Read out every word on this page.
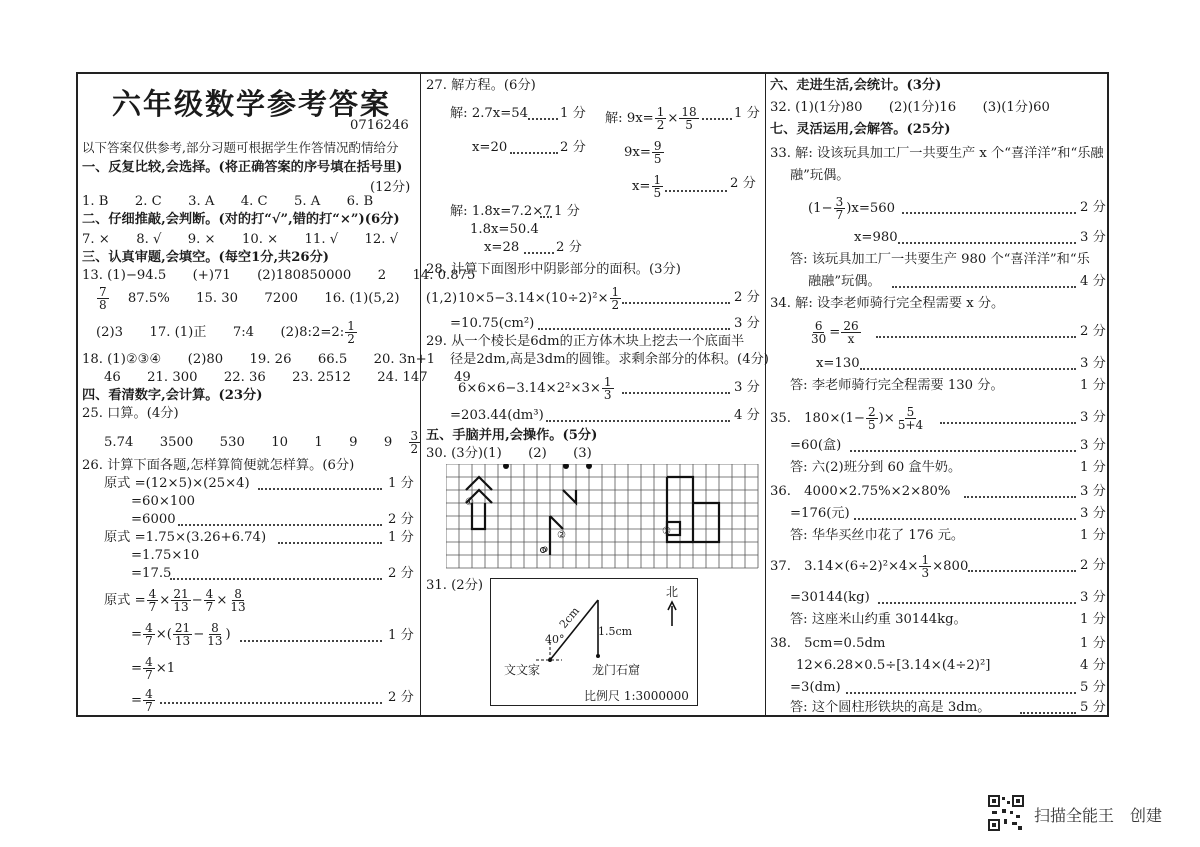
六年级数学参考答案
0716246
以下答案仅供参考,部分习题可根据学生作答情况酌情给分
一、反复比较,会选择。(将正确答案的序号填在括号里)
(12分)
1. B　　2. C　　3. A　　4. C　　5. A　　6. B
二、仔细推敲,会判断。(对的打“√”,错的打“×”)(6分)
7. ×　　8. √　　9. ×　　10. ×　　11. √　　12. √
三、认真审题,会填空。(每空1分,共26分)
13. (1)−94.5　　(+)71　　(2)180850000　　2　　14. 0.875
$\frac{7}{8} 87.5\%$　　15. 30　　7200　　16. (1)(5,2)　　(1,2)
(2)3　　17. (1)正　　7:4　　(2)8:2=2: $\frac{1}{2}$
18. (1)②③④　　(2)80　　19. 26　　66.5　　20. 3n+1
46　　21. 300　　22. 36　　23. 2512　　24. 147　　49
四、看清数字,会计算。(23分)
25. 口算。(4分)
5.74　　3500　　530　　10　　1　　9　　$9 \frac{3}{2}$
26. 计算下面各题,怎样算简便就怎样算。(6分)
原式 =(12×5)×(25×4)	1 分
=60×100
=6000	2 分
原式 =1.75×(3.26+6.74)	1 分
=1.75×10
=17.5	2 分
原式 = $\frac{4}{7} \times \frac{21}{13} - \frac{4}{7} \times \frac{8}{13}$
= $\frac{4}{7}$ ×( $\frac{21}{13} - \frac{8}{13}$ )	1 分
= $\frac{4}{7} \times 1$
= $\frac{4}{7}$	2 分
27. 解方程。(6分)
解: 2.7x=54 1 分
x=20	2 分
解: $9x= \frac{1}{2} \times \frac{18}{5}$	1 分
$9x= \frac{9}{5}$
$x= \frac{1}{5}$	2 分
解: 1.8x=7.2×7 1 分
1.8x=50.4
x=28	2 分
28. 计算下面图形中阴影部分的面积。(3分)
$10\times 5-3.14\times(10\div 2)^2\times \frac{1}{2}$	2 分
=10.75(cm²)	3 分
29. 从一个棱长是6dm的正方体木块上挖去一个底面半
径是2dm,高是3dm的圆锥。求剩余部分的体积。(4分)
$6\times 6\times 6-3.14\times 2^2\times 3\times \frac{1}{3}$	3 分
=203.44(dm³)	4 分
五、手脑并用,会操作。(5分)
30. (3分)(1)　　(2)　　(3)
①
②	③
o
31. (2分)	北
40°
2cm
1.5cm
文文家	龙门石窟
比例尺 1:3000000
六、走进生活,会统计。(3分)
32. (1)(1分)80　　(2)(1分)16　　(3)(1分)60
七、灵活运用,会解答。(25分)
33. 解: 设该玩具加工厂一共要生产 x 个“喜洋洋”和“乐融
融”玩偶。
$(1- \frac{3}{7} )x=560$	2 分
x=980	3 分
答: 该玩具加工厂一共要生产 980 个“喜洋洋”和“乐
融融”玩偶。	4 分
34. 解: 设李老师骑行完全程需要 x 分。
$\frac{6}{30} = \frac{26}{x}$	2 分
x=130	3 分
答: 李老师骑行完全程需要 130 分。	1 分
35.　$180\times(1- \frac{2}{5}$ )× $\frac{5}{5+4}$	3 分
=60(盒)	3 分
答: 六(2)班分到 60 盒牛奶。	1 分
36.　4000×2.75%×2×80%	3 分
=176(元)	3 分
答: 华华买丝巾花了 176 元。	1 分
37.　$3.14\times(6\div 2)^2\times 4\times \frac{1}{3} \times 800$	2 分
=30144(kg)	3 分
答: 这座米山约重 30144kg。	1 分
38.　5cm=0.5dm	1 分
12×6.28×0.5÷[3.14×(4÷2)²]	4 分
=3(dm)	5 分
答: 这个圆柱形铁块的高是 3dm。	5 分
扫描全能王　创建
